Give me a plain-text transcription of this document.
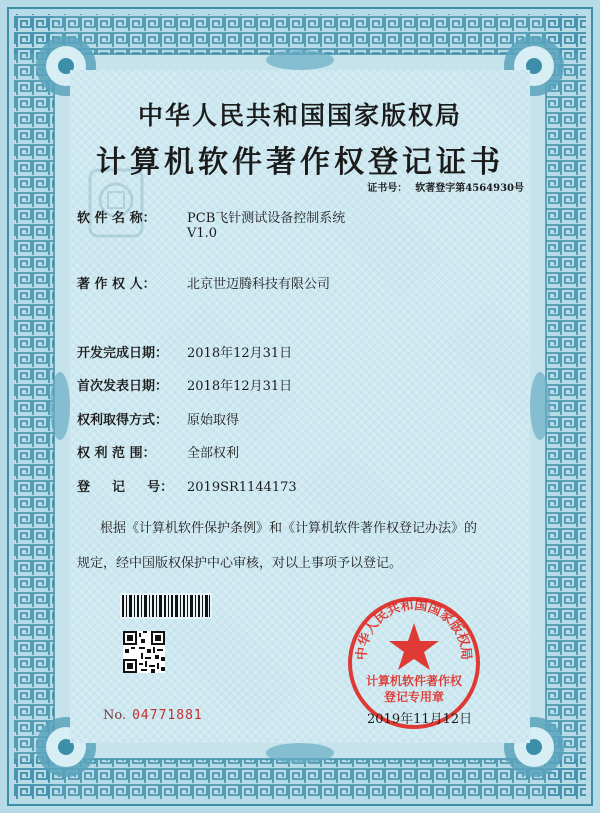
中华人民共和国国家版权局
计算机软件著作权登记证书
证书号： 软著登字第4564930号
软 件 名 称： PCB飞针测试设备控制系统
V1.0
著 作 权 人： 北京世迈腾科技有限公司
开发完成日期： 2018年12月31日
首次发表日期： 2018年12月31日
权利取得方式： 原始取得
权 利 范 围： 全部权利
登 　 记 　 号： 2019SR1144173
根据《计算机软件保护条例》和《计算机软件著作权登记办法》的
规定，经中国版权保护中心审核，对以上事项予以登记。
No. 04771881
中华人民共和国国家版权局
计算机软件著作权
登记专用章
2019年11月12日
